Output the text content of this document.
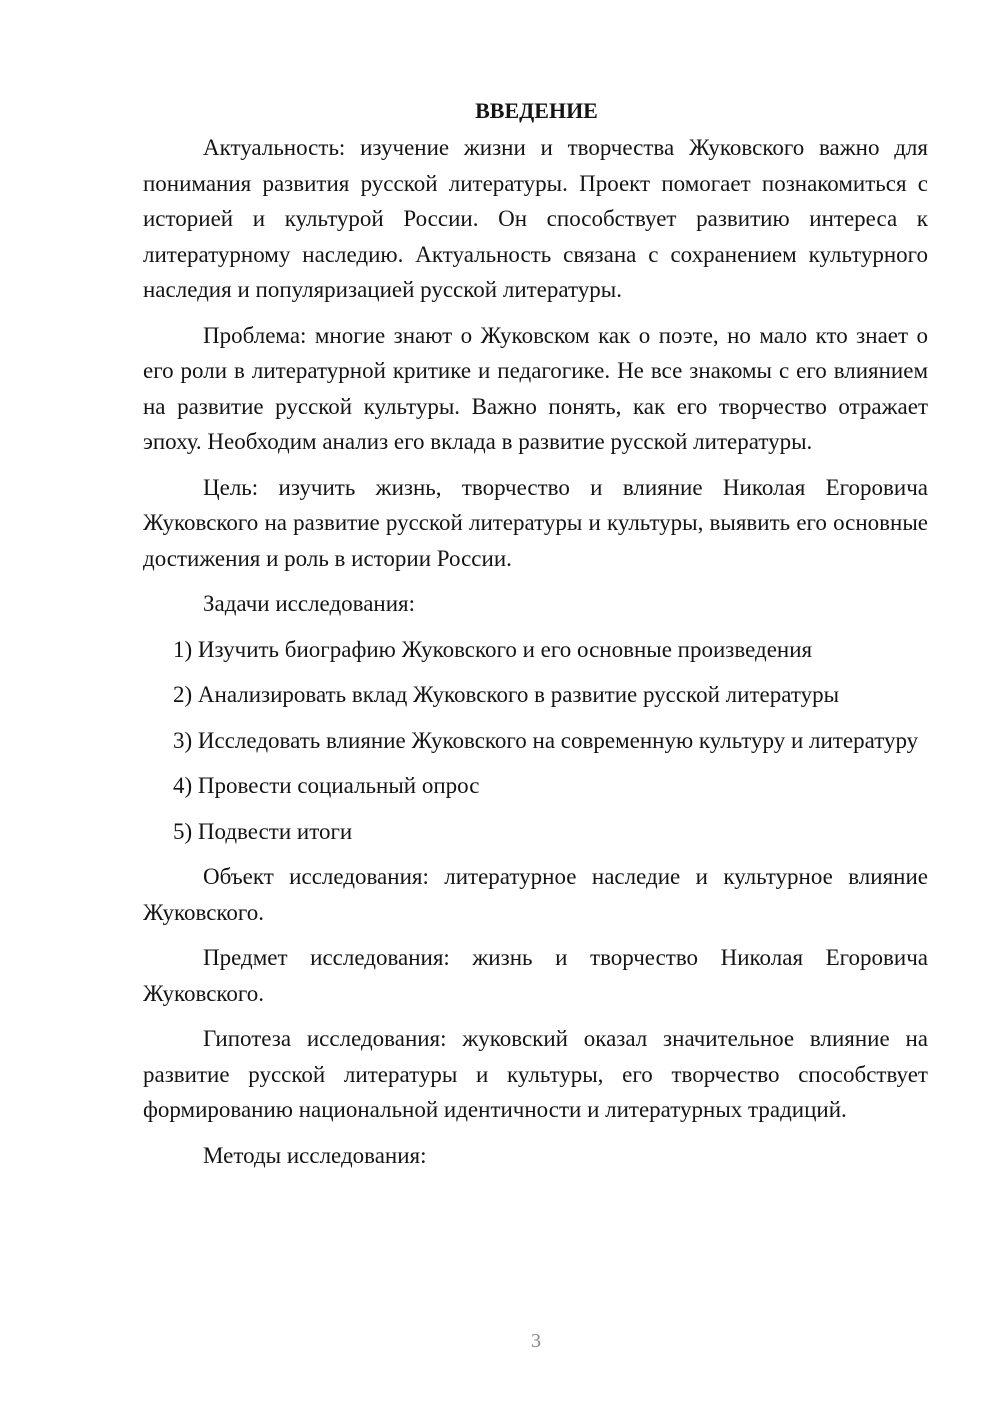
ВВЕДЕНИЕ

Актуальность: изучение жизни и творчества Жуковского важно для понимания развития русской литературы. Проект помогает познакомиться с историей и культурой России. Он способствует развитию интереса к литературному наследию. Актуальность связана с сохранением культурного наследия и популяризацией русской литературы.

Проблема: многие знают о Жуковском как о поэте, но мало кто знает о его роли в литературной критике и педагогике. Не все знакомы с его влиянием на развитие русской культуры. Важно понять, как его творчество отражает эпоху. Необходим анализ его вклада в развитие русской литературы.

Цель: изучить жизнь, творчество и влияние Николая Егоровича Жуковского на развитие русской литературы и культуры, выявить его основные достижения и роль в истории России.

Задачи исследования:

1) Изучить биографию Жуковского и его основные произведения

2) Анализировать вклад Жуковского в развитие русской литературы

3) Исследовать влияние Жуковского на современную культуру и литературу

4) Провести социальный опрос

5) Подвести итоги

Объект исследования: литературное наследие и культурное влияние Жуковского.

Предмет исследования: жизнь и творчество Николая Егоровича Жуковского.

Гипотеза исследования: жуковский оказал значительное влияние на развитие русской литературы и культуры, его творчество способствует формированию национальной идентичности и литературных традиций.

Методы исследования:

3
